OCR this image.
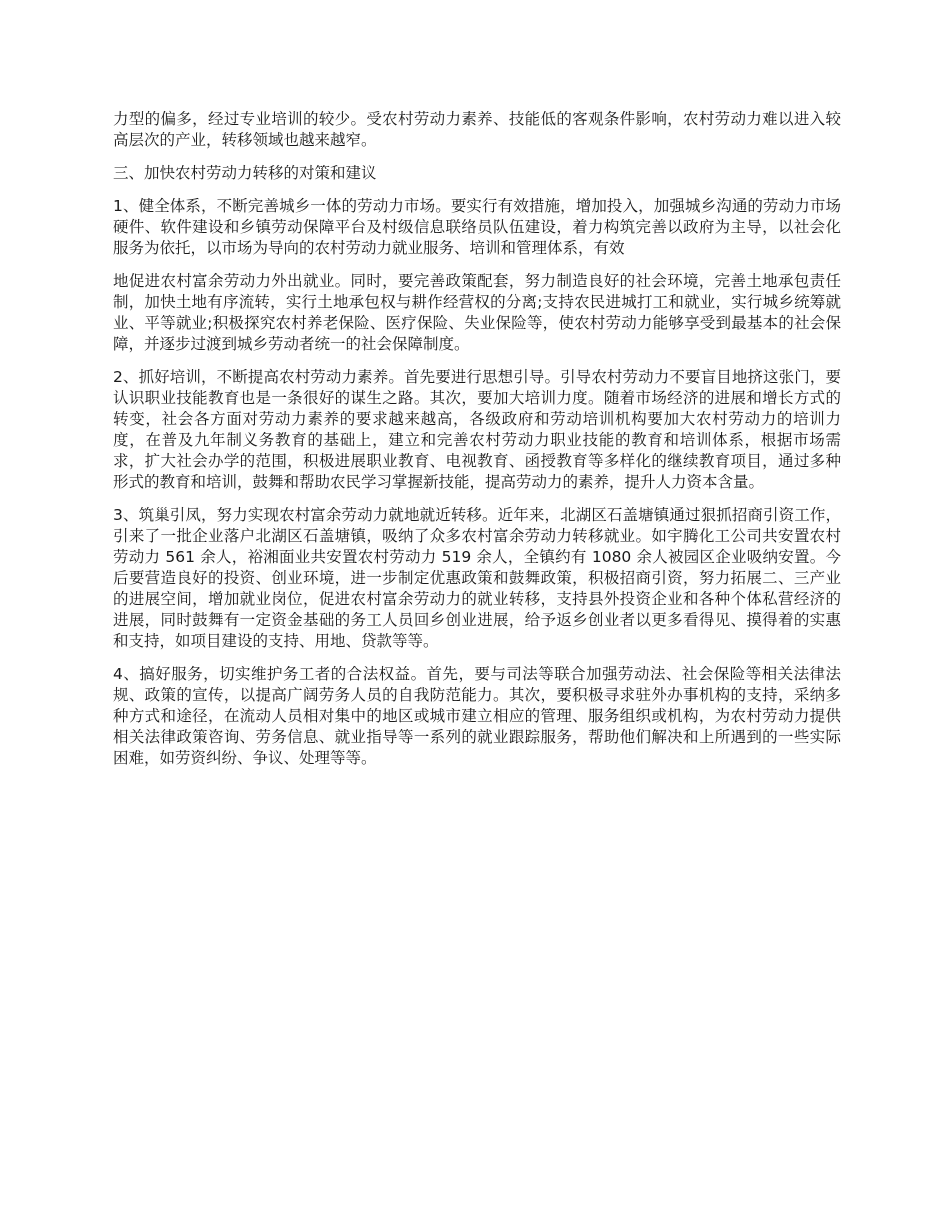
力型的偏多，经过专业培训的较少。受农村劳动力素养、技能低的客观条件影响，农村劳动力难以进入较高层次的产业，转移领域也越来越窄。

三、加快农村劳动力转移的对策和建议

1、健全体系，不断完善城乡一体的劳动力市场。要实行有效措施，增加投入，加强城乡沟通的劳动力市场硬件、软件建设和乡镇劳动保障平台及村级信息联络员队伍建设，着力构筑完善以政府为主导，以社会化服务为依托，以市场为导向的农村劳动力就业服务、培训和管理体系，有效

地促进农村富余劳动力外出就业。同时，要完善政策配套，努力制造良好的社会环境，完善土地承包责任制，加快土地有序流转，实行土地承包权与耕作经营权的分离;支持农民进城打工和就业，实行城乡统筹就业、平等就业;积极探究农村养老保险、医疗保险、失业保险等，使农村劳动力能够享受到最基本的社会保障，并逐步过渡到城乡劳动者统一的社会保障制度。

2、抓好培训，不断提高农村劳动力素养。首先要进行思想引导。引导农村劳动力不要盲目地挤这张门，要认识职业技能教育也是一条很好的谋生之路。其次，要加大培训力度。随着市场经济的进展和增长方式的转变，社会各方面对劳动力素养的要求越来越高，各级政府和劳动培训机构要加大农村劳动力的培训力度，在普及九年制义务教育的基础上，建立和完善农村劳动力职业技能的教育和培训体系，根据市场需求，扩大社会办学的范围，积极进展职业教育、电视教育、函授教育等多样化的继续教育项目，通过多种形式的教育和培训，鼓舞和帮助农民学习掌握新技能，提高劳动力的素养，提升人力资本含量。

3、筑巢引凤，努力实现农村富余劳动力就地就近转移。近年来，北湖区石盖塘镇通过狠抓招商引资工作，引来了一批企业落户北湖区石盖塘镇，吸纳了众多农村富余劳动力转移就业。如宇腾化工公司共安置农村劳动力 561 余人，裕湘面业共安置农村劳动力 519 余人，全镇约有 1080 余人被园区企业吸纳安置。今后要营造良好的投资、创业环境，进一步制定优惠政策和鼓舞政策，积极招商引资，努力拓展二、三产业的进展空间，增加就业岗位，促进农村富余劳动力的就业转移，支持县外投资企业和各种个体私营经济的进展，同时鼓舞有一定资金基础的务工人员回乡创业进展，给予返乡创业者以更多看得见、摸得着的实惠和支持，如项目建设的支持、用地、贷款等等。

4、搞好服务，切实维护务工者的合法权益。首先，要与司法等联合加强劳动法、社会保险等相关法律法规、政策的宣传，以提高广阔劳务人员的自我防范能力。其次，要积极寻求驻外办事机构的支持，采纳多种方式和途径，在流动人员相对集中的地区或城市建立相应的管理、服务组织或机构，为农村劳动力提供相关法律政策咨询、劳务信息、就业指导等一系列的就业跟踪服务，帮助他们解决和上所遇到的一些实际困难，如劳资纠纷、争议、处理等等。
